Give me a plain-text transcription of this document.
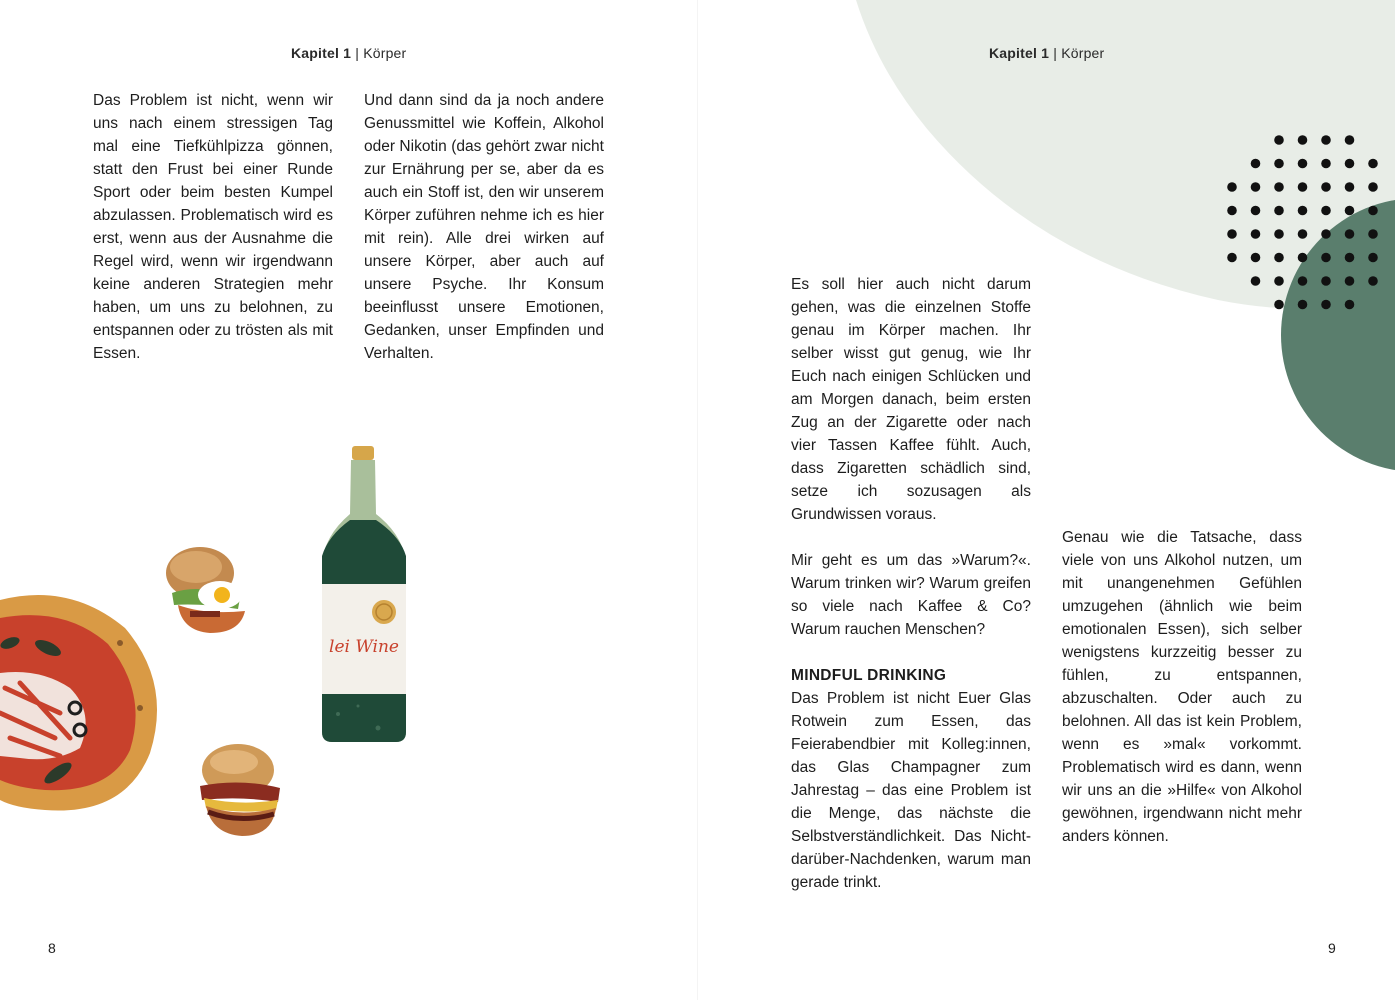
Kapitel 1 | Körper

Das Problem ist nicht, wenn wir uns nach einem stressigen Tag mal eine Tiefkühlpizza gönnen, statt den Frust bei einer Runde Sport oder beim besten Kumpel abzulassen. Problematisch wird es erst, wenn aus der Ausnahme die Regel wird, wenn wir irgendwann keine anderen Strategien mehr haben, um uns zu belohnen, zu entspannen oder zu trösten als mit Essen.

Und dann sind da ja noch andere Genussmittel wie Koffein, Alkohol oder Nikotin (das gehört zwar nicht zur Ernährung per se, aber da es auch ein Stoff ist, den wir unserem Körper zuführen nehme ich es hier mit rein). Alle drei wirken auf unsere Körper, aber auch auf unsere Psyche. Ihr Konsum beeinflusst unsere Emotionen, Gedanken, unser Empfinden und Verhalten.

lei Wine
8
Kapitel 1 | Körper

Es soll hier auch nicht darum gehen, was die einzelnen Stoffe genau im Körper machen. Ihr selber wisst gut genug, wie Ihr Euch nach einigen Schlücken und am Morgen danach, beim ersten Zug an der Zigarette oder nach vier Tassen Kaffee fühlt. Auch, dass Zigaretten schädlich sind, setze ich sozusagen als Grundwissen voraus.

Mir geht es um das »Warum?«. Warum trinken wir? Warum greifen so viele nach Kaffee & Co? Warum rauchen Menschen?

MINDFUL DRINKING

Das Problem ist nicht Euer Glas Rotwein zum Essen, das Feierabendbier mit Kolleg:innen, das Glas Champagner zum Jahrestag – das eine Problem ist die Menge, das nächste die Selbstverständlichkeit. Das Nicht-darüber-Nachdenken, warum man gerade trinkt.

Genau wie die Tatsache, dass viele von uns Alkohol nutzen, um mit unangenehmen Gefühlen umzugehen (ähnlich wie beim emotionalen Essen), sich selber wenigstens kurzzeitig besser zu fühlen, zu entspannen, abzuschalten. Oder auch zu belohnen. All das ist kein Problem, wenn es »mal« vorkommt. Problematisch wird es dann, wenn wir uns an die »Hilfe« von Alkohol gewöhnen, irgendwann nicht mehr anders können.

9
